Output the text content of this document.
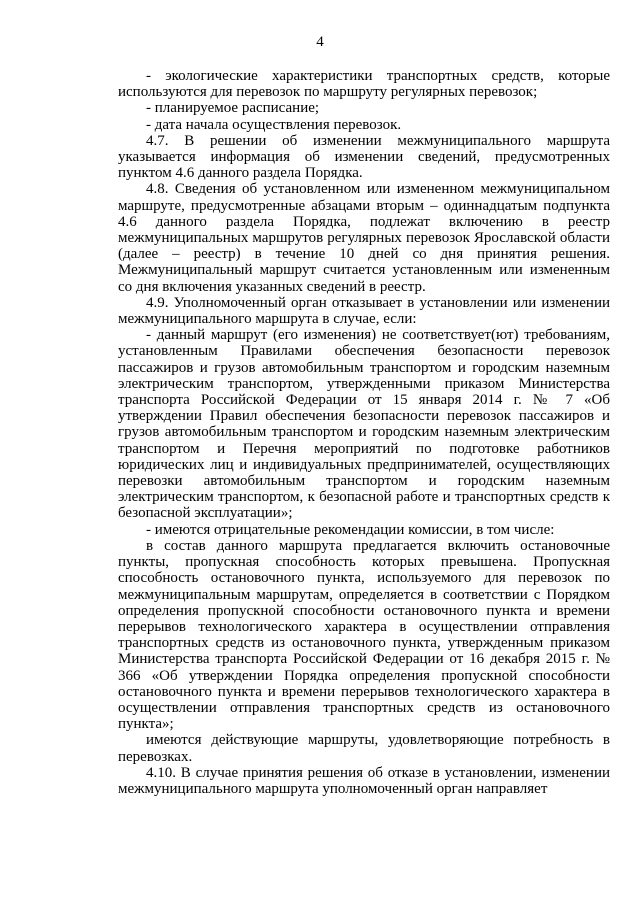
4

- экологические характеристики транспортных средств, которые используются для перевозок по маршруту регулярных перевозок;

- планируемое расписание;

- дата начала осуществления перевозок.

4.7. В решении об изменении межмуниципального маршрута указывается информация об изменении сведений, предусмотренных пунктом 4.6 данного раздела Порядка.

4.8. Сведения об установленном или измененном межмуниципальном маршруте, предусмотренные абзацами вторым – одиннадцатым подпункта 4.6 данного раздела Порядка, подлежат включению в реестр межмуниципальных маршрутов регулярных перевозок Ярославской области (далее – реестр) в течение 10 дней со дня принятия решения. Межмуниципальный маршрут считается установленным или измененным со дня включения указанных сведений в реестр.

4.9. Уполномоченный орган отказывает в установлении или изменении межмуниципального маршрута в случае, если:

- данный маршрут (его изменения) не соответствует(ют) требованиям, установленным Правилами обеспечения безопасности перевозок пассажиров и грузов автомобильным транспортом и городским наземным электрическим транспортом, утвержденными приказом Министерства транспорта Российской Федерации от 15 января 2014 г. № 7 «Об утверждении Правил обеспечения безопасности перевозок пассажиров и грузов автомобильным транспортом и городским наземным электрическим транспортом и Перечня мероприятий по подготовке работников юридических лиц и индивидуальных предпринимателей, осуществляющих перевозки автомобильным транспортом и городским наземным электрическим транспортом, к безопасной работе и транспортных средств к безопасной эксплуатации»;

- имеются отрицательные рекомендации комиссии, в том числе:

в состав данного маршрута предлагается включить остановочные пункты, пропускная способность которых превышена. Пропускная способность остановочного пункта, используемого для перевозок по межмуниципальным маршрутам, определяется в соответствии с Порядком определения пропускной способности остановочного пункта и времени перерывов технологического характера в осуществлении отправления транспортных средств из остановочного пункта, утвержденным приказом Министерства транспорта Российской Федерации от 16 декабря 2015 г. № 366 «Об утверждении Порядка определения пропускной способности остановочного пункта и времени перерывов технологического характера в осуществлении отправления транспортных средств из остановочного пункта»;

имеются действующие маршруты, удовлетворяющие потребность в перевозках.

4.10. В случае принятия решения об отказе в установлении, изменении межмуниципального маршрута уполномоченный орган направляет
